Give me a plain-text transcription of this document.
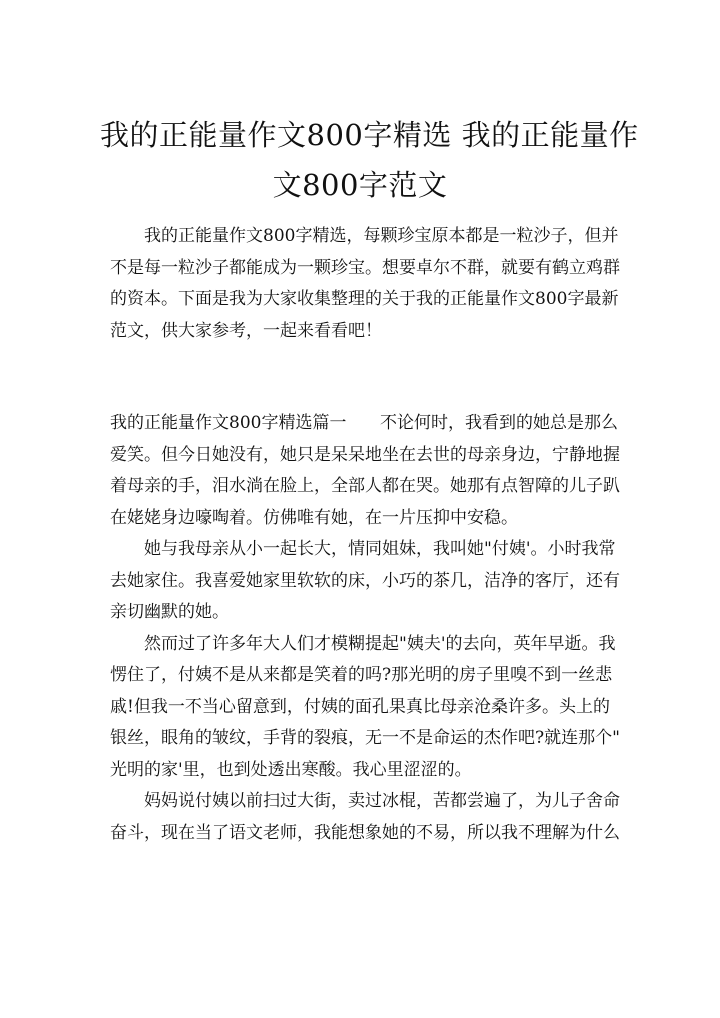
我的正能量作文800字精选 我的正能量作
文800字范文

我的正能量作文800字精选，每颗珍宝原本都是一粒沙子，但并
不是每一粒沙子都能成为一颗珍宝。想要卓尔不群，就要有鹤立鸡群
的资本。下面是我为大家收集整理的关于我的正能量作文800字最新
范文，供大家参考，一起来看看吧！

我的正能量作文800字精选篇一 不论何时，我看到的她总是那么
爱笑。但今日她没有，她只是呆呆地坐在去世的母亲身边，宁静地握
着母亲的手，泪水淌在脸上，全部人都在哭。她那有点智障的儿子趴
在姥姥身边嚎啕着。仿佛唯有她，在一片压抑中安稳。

她与我母亲从小一起长大，情同姐妹，我叫她"付姨'。小时我常
去她家住。我喜爱她家里软软的床，小巧的茶几，洁净的客厅，还有
亲切幽默的她。

然而过了许多年大人们才模糊提起"姨夫'的去向，英年早逝。我
愣住了，付姨不是从来都是笑着的吗?那光明的房子里嗅不到一丝悲
戚!但我一不当心留意到，付姨的面孔果真比母亲沧桑许多。头上的
银丝，眼角的皱纹，手背的裂痕，无一不是命运的杰作吧?就连那个"
光明的家'里，也到处透出寒酸。我心里涩涩的。

妈妈说付姨以前扫过大街，卖过冰棍，苦都尝遍了，为儿子舍命
奋斗，现在当了语文老师，我能想象她的不易，所以我不理解为什么
